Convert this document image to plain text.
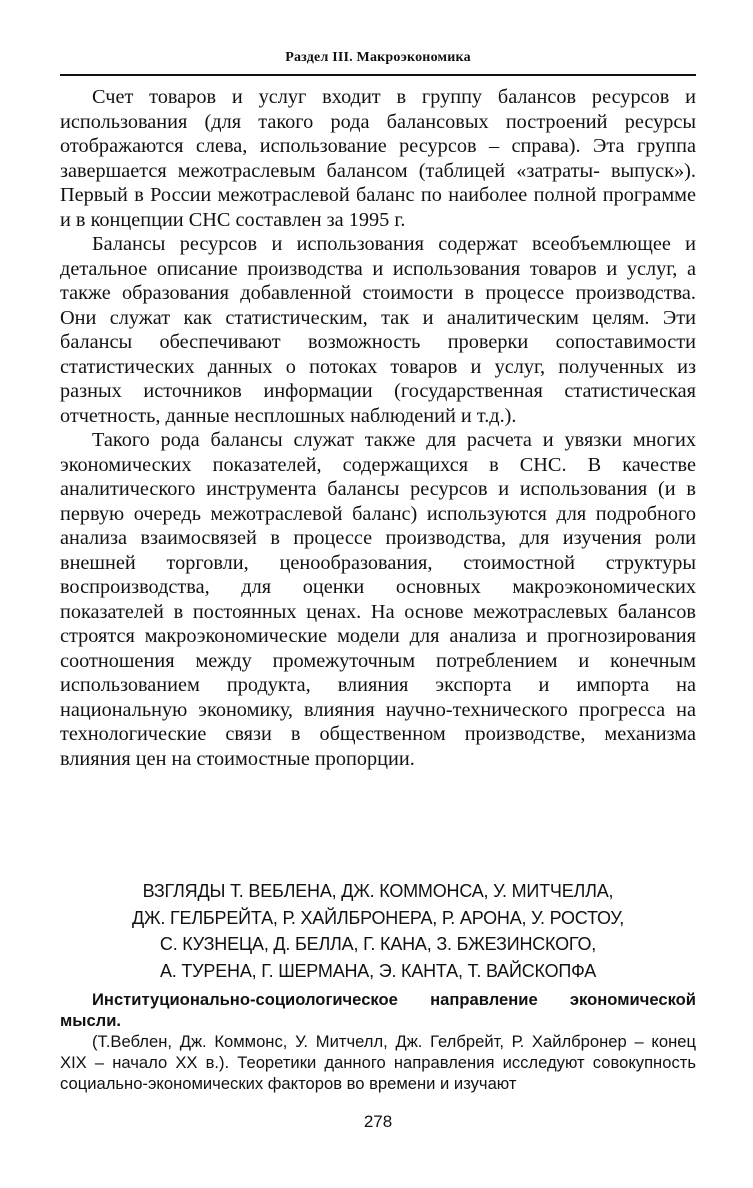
Раздел III. Макроэкономика

Счет товаров и услуг входит в группу балансов ресурсов и использования (для такого рода балансовых построений ресурсы отображаются слева, использование ресурсов – справа). Эта группа завершается межотраслевым балансом (таблицей «затраты- выпуск»). Первый в России межотраслевой баланс по наиболее полной программе и в концепции СНС составлен за 1995 г.

Балансы ресурсов и использования содержат всеобъемлющее и детальное описание производства и использования товаров и услуг, а также образования добавленной стоимости в процессе производства. Они служат как статистическим, так и аналитическим целям. Эти балансы обеспечивают возможность проверки сопоставимости статистических данных о потоках товаров и услуг, полученных из разных источников информации (государственная статистическая отчетность, данные несплошных наблюдений и т.д.).

Такого рода балансы служат также для расчета и увязки многих экономических показателей, содержащихся в СНС. В качестве аналитического инструмента балансы ресурсов и использования (и в первую очередь межотраслевой баланс) используются для подробного анализа взаимосвязей в процессе производства, для изучения роли внешней торговли, ценообразования, стоимостной структуры воспроизводства, для оценки основных макроэкономических показателей в постоянных ценах. На основе межотраслевых балансов строятся макроэкономические модели для анализа и прогнозирования соотношения между промежуточным потреблением и конечным использованием продукта, влияния экспорта и импорта на национальную экономику, влияния научно-технического прогресса на технологические связи в общественном производстве, механизма влияния цен на стоимостные пропорции.

ВЗГЛЯДЫ Т. ВЕБЛЕНА, ДЖ. КОММОНСА, У. МИТЧЕЛЛА,
ДЖ. ГЕЛБРЕЙТА, Р. ХАЙЛБРОНЕРА, Р. АРОНА, У. РОСТОУ,
С. КУЗНЕЦА, Д. БЕЛЛА, Г. КАНА, З. БЖЕЗИНСКОГО,
А. ТУРЕНА, Г. ШЕРМАНА, Э. КАНТА, Т. ВАЙСКОПФА

Институционально-социологическое направление экономической мысли.

(Т.Веблен, Дж. Коммонс, У. Митчелл, Дж. Гелбрейт, Р. Хайлбронер – конец XIX – начало XX в.). Теоретики данного направления исследуют совокупность социально-экономических факторов во времени и изучают

278
